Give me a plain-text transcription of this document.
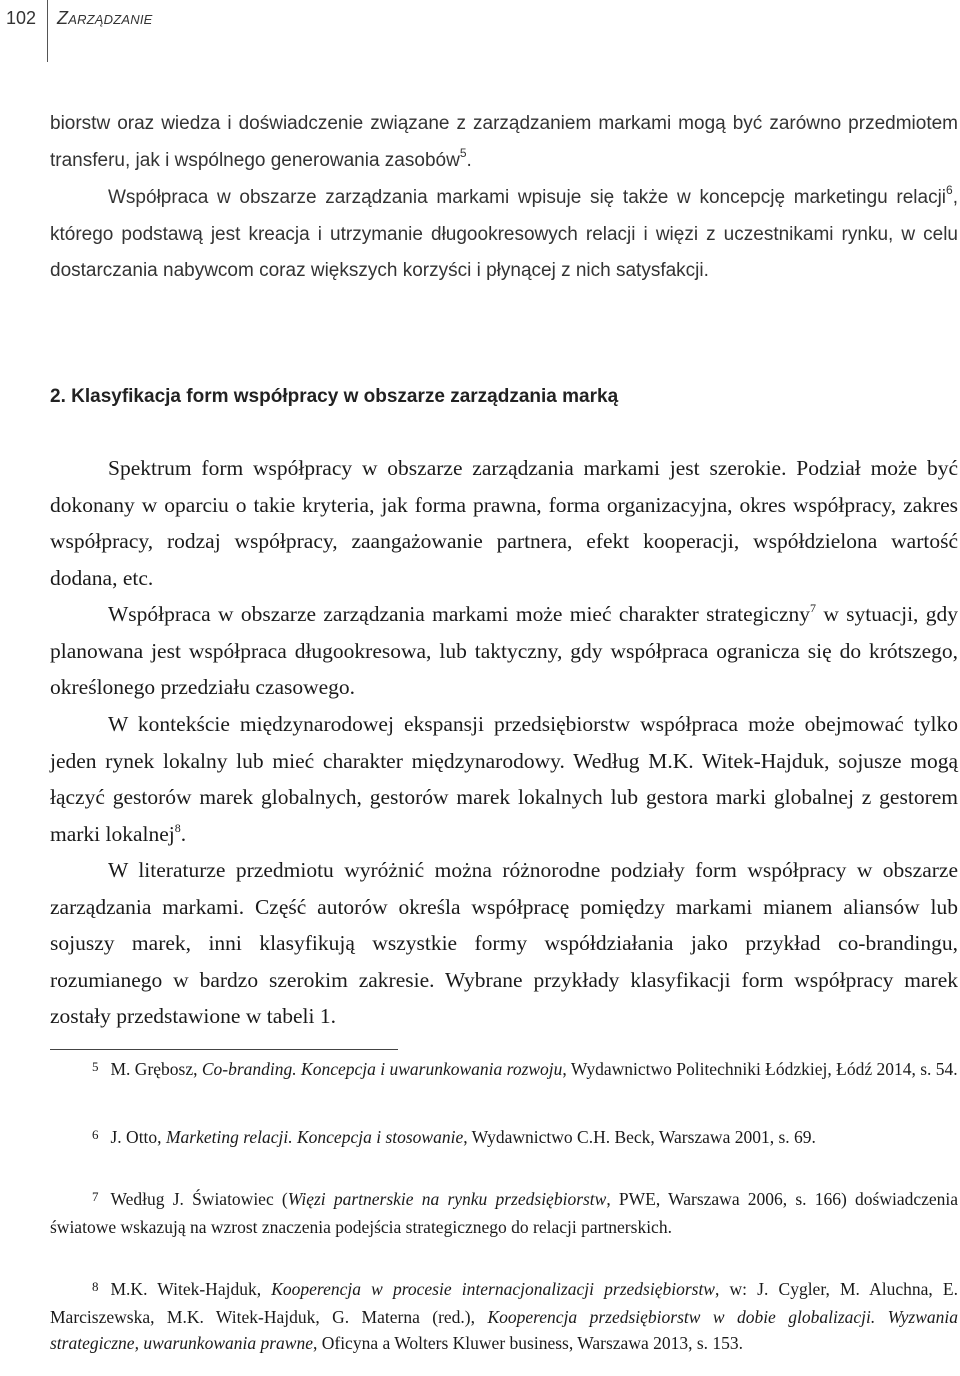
102 Zarządzanie

biorstw oraz wiedza i doświadczenie związane z zarządzaniem markami mogą być zarówno przedmiotem transferu, jak i wspólnego generowania zasobów$^5$.

Współpraca w obszarze zarządzania markami wpisuje się także w koncepcję marketingu relacji$^6$, którego podstawą jest kreacja i utrzymanie długookresowych relacji i więzi z uczestnikami rynku, w celu dostarczania nabywcom coraz większych korzyści i płynącej z nich satysfakcji.

2. Klasyfikacja form współpracy w obszarze zarządzania marką

Spektrum form współpracy w obszarze zarządzania markami jest szerokie. Podział może być dokonany w oparciu o takie kryteria, jak forma prawna, forma organizacyjna, okres współpracy, zakres współpracy, rodzaj współpracy, zaangażowanie partnera, efekt kooperacji, współdzielona wartość dodana, etc.

Współpraca w obszarze zarządzania markami może mieć charakter strategiczny$^7$ w sytuacji, gdy planowana jest współpraca długookresowa, lub taktyczny, gdy współpraca ogranicza się do krótszego, określonego przedziału czasowego.

W kontekście międzynarodowej ekspansji przedsiębiorstw współpraca może obejmować tylko jeden rynek lokalny lub mieć charakter międzynarodowy. Według M.K. Witek-Hajduk, sojusze mogą łączyć gestorów marek globalnych, gestorów marek lokalnych lub gestora marki globalnej z gestorem marki lokalnej$^8$.

W literaturze przedmiotu wyróżnić można różnorodne podziały form współpracy w obszarze zarządzania markami. Część autorów określa współpracę pomiędzy markami mianem aliansów lub sojuszy marek, inni klasyfikują wszystkie formy współdziałania jako przykład co-brandingu, rozumianego w bardzo szerokim zakresie. Wybrane przykłady klasyfikacji form współpracy marek zostały przedstawione w tabeli 1.

$^5$ M. Grębosz, Co-branding. Koncepcja i uwarunkowania rozwoju, Wydawnictwo Politechniki Łódzkiej, Łódź 2014, s. 54.

$^6$ J. Otto, Marketing relacji. Koncepcja i stosowanie, Wydawnictwo C.H. Beck, Warszawa 2001, s. 69.

$^7$ Według J. Światowiec (Więzi partnerskie na rynku przedsiębiorstw, PWE, Warszawa 2006, s. 166) doświadczenia światowe wskazują na wzrost znaczenia podejścia strategicznego do relacji partnerskich.

$^8$ M.K. Witek-Hajduk, Kooperencja w procesie internacjonalizacji przedsiębiorstw, w: J. Cygler, M. Aluchna, E. Marciszewska, M.K. Witek-Hajduk, G. Materna (red.), Kooperencja przedsiębiorstw w dobie globalizacji. Wyzwania strategiczne, uwarunkowania prawne, Oficyna a Wolters Kluwer business, Warszawa 2013, s. 153.
